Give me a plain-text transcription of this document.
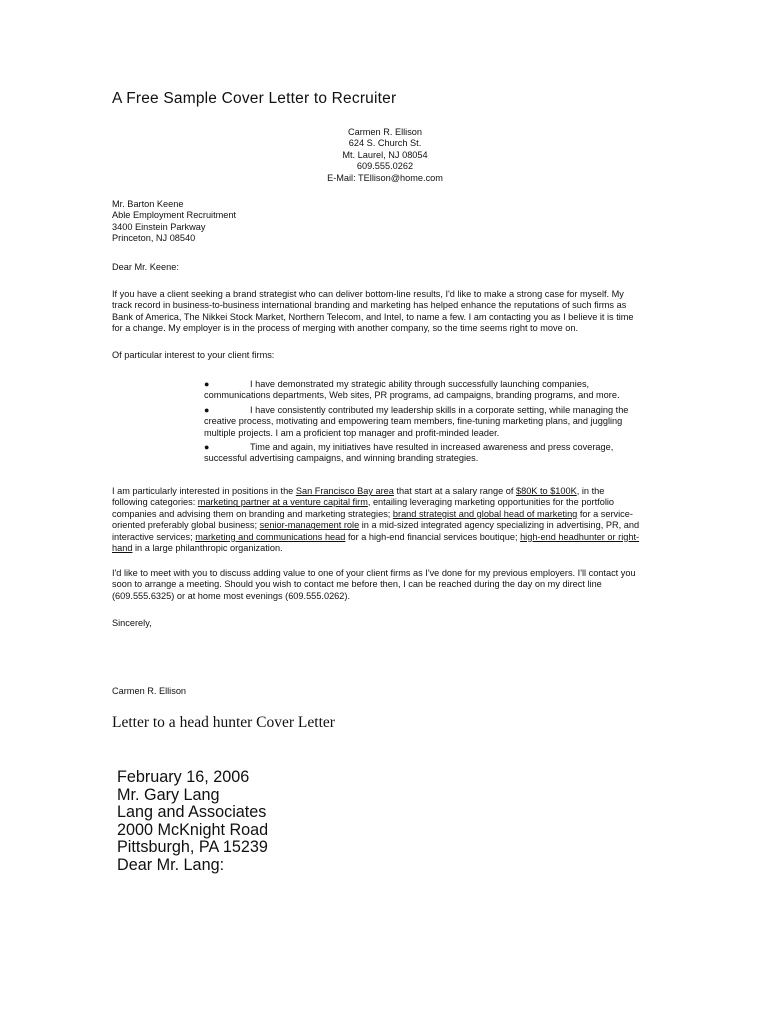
A Free Sample Cover Letter to Recruiter
Carmen R. Ellison
624 S. Church St.
Mt. Laurel, NJ 08054
609.555.0262
E-Mail: TEllison@home.com
Mr. Barton Keene
Able Employment Recruitment
3400 Einstein Parkway
Princeton, NJ 08540
Dear Mr. Keene:
If you have a client seeking a brand strategist who can deliver bottom-line results, I'd like to make a strong case for myself. My
track record in business-to-business international branding and marketing has helped enhance the reputations of such firms as
Bank of America, The Nikkei Stock Market, Northern Telecom, and Intel, to name a few. I am contacting you as I believe it is time
for a change. My employer is in the process of merging with another company, so the time seems right to move on.
Of particular interest to your client firms:
●	I have demonstrated my strategic ability through successfully launching companies,
communications departments, Web sites, PR programs, ad campaigns, branding programs, and more.
●	I have consistently contributed my leadership skills in a corporate setting, while managing the
creative process, motivating and empowering team members, fine-tuning marketing plans, and juggling
multiple projects. I am a proficient top manager and profit-minded leader.
●	Time and again, my initiatives have resulted in increased awareness and press coverage,
successful advertising campaigns, and winning branding strategies.
I am particularly interested in positions in the San Francisco Bay area that start at a salary range of $80K to $100K, in the
following categories: marketing partner at a venture capital firm, entailing leveraging marketing opportunities for the portfolio
companies and advising them on branding and marketing strategies; brand strategist and global head of marketing for a service-
oriented preferably global business; senior-management role in a mid-sized integrated agency specializing in advertising, PR, and
interactive services; marketing and communications head for a high-end financial services boutique; high-end headhunter or right-
hand in a large philanthropic organization.
I'd like to meet with you to discuss adding value to one of your client firms as I've done for my previous employers. I'll contact you
soon to arrange a meeting. Should you wish to contact me before then, I can be reached during the day on my direct line
(609.555.6325) or at home most evenings (609.555.0262).
Sincerely,
Carmen R. Ellison
Letter to a head hunter Cover Letter
February 16, 2006
Mr. Gary Lang
Lang and Associates
2000 McKnight Road
Pittsburgh, PA 15239
Dear Mr. Lang:
